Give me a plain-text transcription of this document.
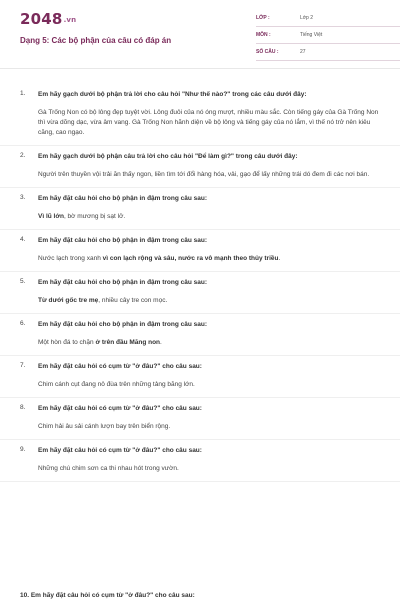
2048.vn
Dạng 5: Các bộ phận của câu có đáp án
LỚP :	Lớp 2
MÔN :	Tiếng Việt
SỐ CÂU :	27
1. Em hãy gạch dưới bộ phận trả lời cho câu hỏi "Như thế nào?" trong các câu dưới đây:
Gà Trống Non có bộ lông đẹp tuyệt vời. Lông đuôi của nó óng mượt, nhiều màu sắc. Còn tiếng gáy của Gà Trống Non thì vừa dõng dạc, vừa âm vang. Gà Trống Non hãnh diện về bộ lông và tiếng gáy của nó lắm, vì thế nó trở nên kiêu căng, cao ngạo.
2. Em hãy gạch dưới bộ phận câu trả lời cho câu hỏi "Để làm gì?" trong câu dưới đây:
Người trên thuyền vội trải ăn thấy ngon, liền tìm tới đổi hàng hóa, vải, gạo để lấy những trái dó đem đi các nơi bán.
3. Em hãy đặt câu hỏi cho bộ phận in đậm trong câu sau:
Vì lũ lớn, bờ mương bị sạt lở.
4. Em hãy đặt câu hỏi cho bộ phận in đậm trong câu sau:
Nước lạch trong xanh vì con lạch rộng và sâu, nước ra vô mạnh theo thủy triều.
5. Em hãy đặt câu hỏi cho bộ phận in đậm trong câu sau:
Từ dưới gốc tre mẹ, nhiều cây tre con mọc.
6. Em hãy đặt câu hỏi cho bộ phận in đậm trong câu sau:
Một hòn đá to chặn ở trên đầu Măng non.
7. Em hãy đặt câu hỏi có cụm từ "ở đâu?" cho câu sau:
Chim cánh cụt đang nô đùa trên những tảng băng lớn.
8. Em hãy đặt câu hỏi có cụm từ "ở đâu?" cho câu sau:
Chim hải âu sải cánh lượn bay trên biển rộng.
9. Em hãy đặt câu hỏi có cụm từ "ở đâu?" cho câu sau:
Những chú chim sơn ca thi nhau hót trong vườn.
10. Em hãy đặt câu hỏi có cụm từ "ở đâu?" cho câu sau:
